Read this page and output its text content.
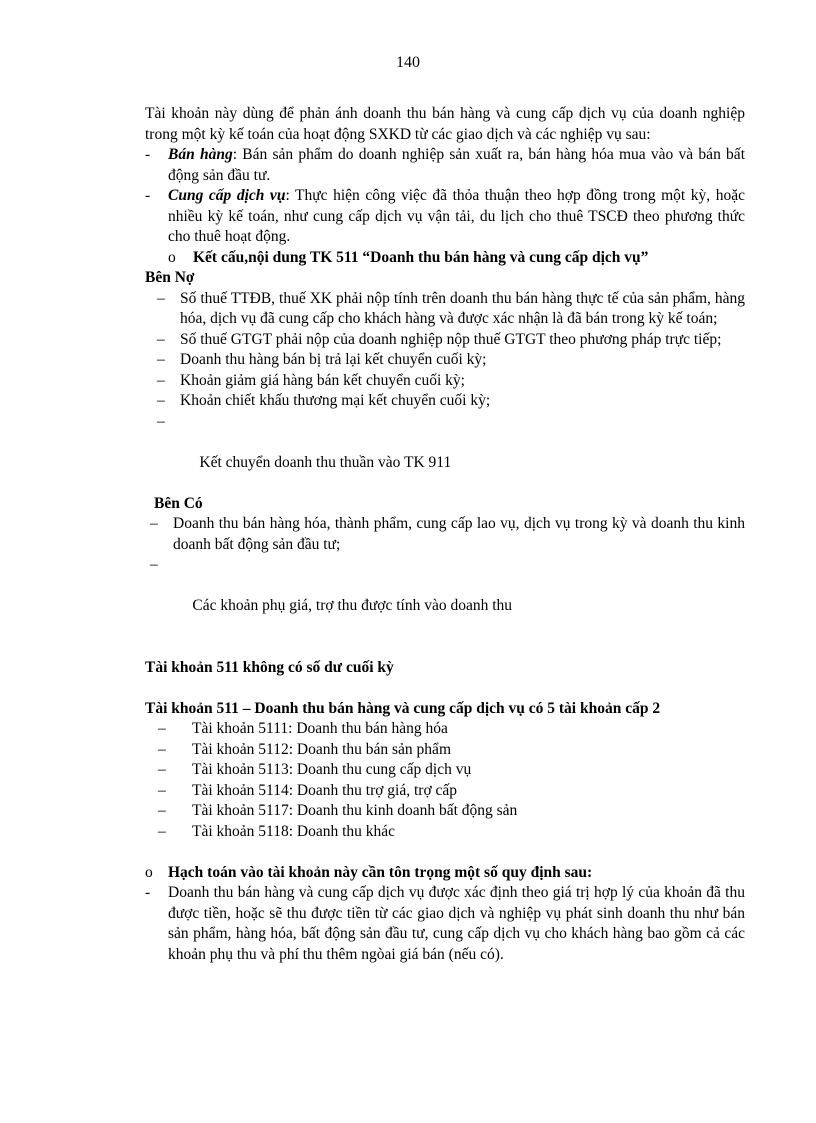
140

Tài khoản này dùng để phản ánh doanh thu bán hàng và cung cấp dịch vụ của doanh nghiệp trong một kỳ kế toán của hoạt động SXKD từ các giao dịch và các nghiệp vụ sau:

- Bán hàng: Bán sản phẩm do doanh nghiệp sản xuất ra, bán hàng hóa mua vào và bán bất động sản đầu tư.
- Cung cấp dịch vụ: Thực hiện công việc đã thỏa thuận theo hợp đồng trong một kỳ, hoặc nhiều kỳ kế toán, như cung cấp dịch vụ vận tải, du lịch cho thuê TSCĐ theo phương thức cho thuê hoạt động.
o Kết cấu,nội dung TK 511 “Doanh thu bán hàng và cung cấp dịch vụ”

Bên Nợ

– Số thuế TTĐB, thuế XK phải nộp tính trên doanh thu bán hàng thực tế của sản phẩm, hàng hóa, dịch vụ đã cung cấp cho khách hàng và được xác nhận là đã bán trong kỳ kế toán;
– Số thuế GTGT phải nộp của doanh nghiệp nộp thuế GTGT theo phương pháp trực tiếp;
– Doanh thu hàng bán bị trả lại kết chuyển cuối kỳ;
– Khoản giảm giá hàng bán kết chuyển cuối kỳ;
– Khoản chiết khấu thương mại kết chuyển cuối kỳ;

–

Kết chuyển doanh thu thuần vào TK 911

Bên Có

– Doanh thu bán hàng hóa, thành phẩm, cung cấp lao vụ, dịch vụ trong kỳ và doanh thu kinh doanh bất động sản đầu tư;

–

Các khoản phụ giá, trợ thu được tính vào doanh thu

Tài khoản 511 không có số dư cuối kỳ

Tài khoản 511 – Doanh thu bán hàng và cung cấp dịch vụ có 5 tài khoản cấp 2

– Tài khoản 5111: Doanh thu bán hàng hóa
– Tài khoản 5112: Doanh thu bán sản phẩm
– Tài khoản 5113: Doanh thu cung cấp dịch vụ
– Tài khoản 5114: Doanh thu trợ giá, trợ cấp
– Tài khoản 5117: Doanh thu kinh doanh bất động sản
– Tài khoản 5118: Doanh thu khác
o Hạch toán vào tài khoản này cần tôn trọng một số quy định sau:
- Doanh thu bán hàng và cung cấp dịch vụ được xác định theo giá trị hợp lý của khoản đã thu được tiền, hoặc sẽ thu được tiền từ các giao dịch và nghiệp vụ phát sinh doanh thu như bán sản phẩm, hàng hóa, bất động sản đầu tư, cung cấp dịch vụ cho khách hàng bao gồm cả các khoản phụ thu và phí thu thêm ngòai giá bán (nếu có).
